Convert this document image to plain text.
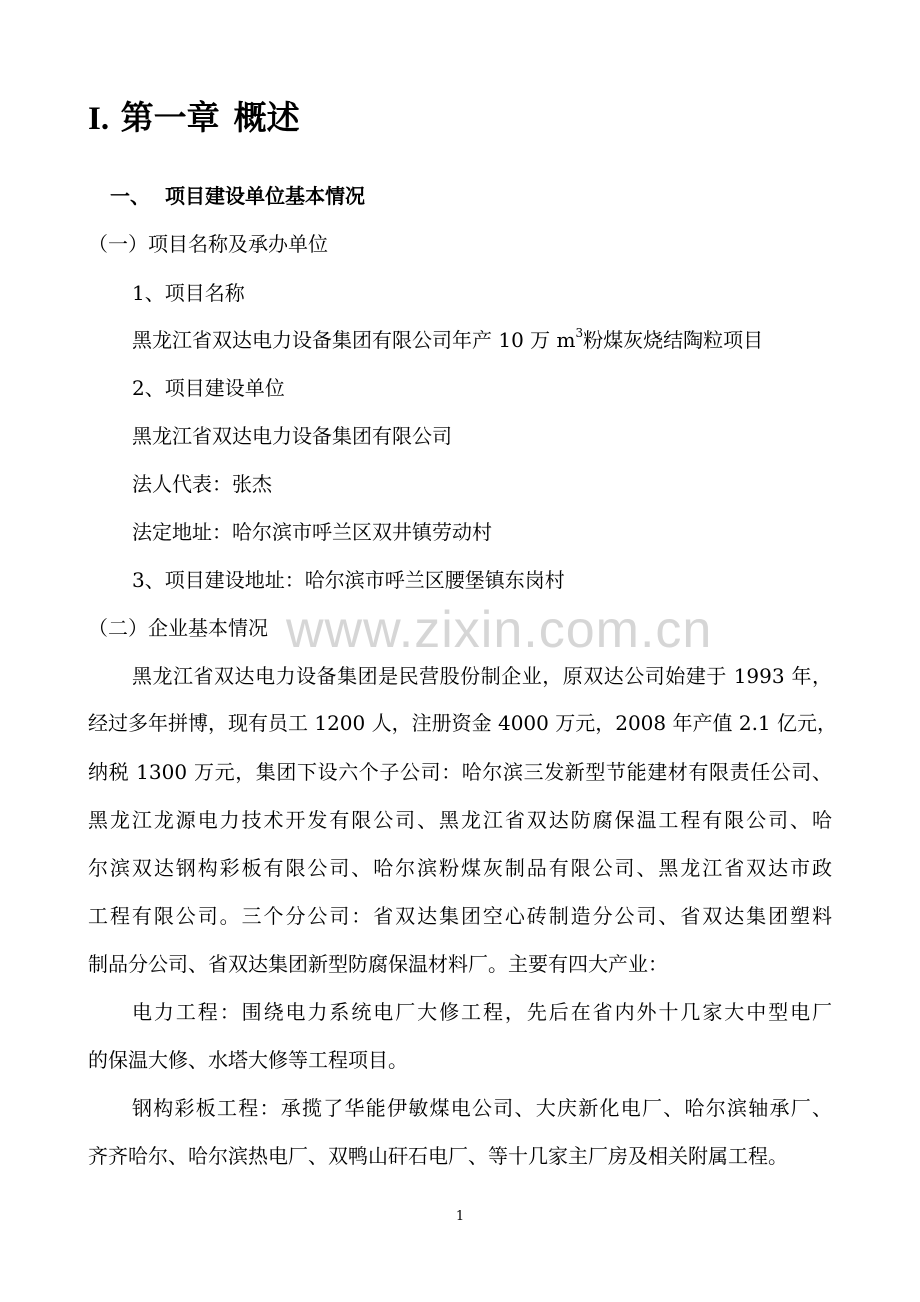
www.zixin.com.cn
I. 第一章 概述
一、 项目建设单位基本情况
（一）项目名称及承办单位
1、项目名称
黑龙江省双达电力设备集团有限公司年产 10 万 $m^3$粉煤灰烧结陶粒项目
2、项目建设单位
黑龙江省双达电力设备集团有限公司
法人代表：张杰
法定地址：哈尔滨市呼兰区双井镇劳动村
3、项目建设地址：哈尔滨市呼兰区腰堡镇东岗村
（二）企业基本情况
黑龙江省双达电力设备集团是民营股份制企业，原双达公司始建于 1993 年，
经过多年拼博，现有员工 1200 人，注册资金 4000 万元，2008 年产值 2.1 亿元，
纳税 1300 万元，集团下设六个子公司：哈尔滨三发新型节能建材有限责任公司、
黑龙江龙源电力技术开发有限公司、黑龙江省双达防腐保温工程有限公司、哈
尔滨双达钢构彩板有限公司、哈尔滨粉煤灰制品有限公司、黑龙江省双达市政
工程有限公司。三个分公司：省双达集团空心砖制造分公司、省双达集团塑料
制品分公司、省双达集团新型防腐保温材料厂。主要有四大产业：
电力工程：围绕电力系统电厂大修工程，先后在省内外十几家大中型电厂
的保温大修、水塔大修等工程项目。
钢构彩板工程：承揽了华能伊敏煤电公司、大庆新化电厂、哈尔滨轴承厂、
齐齐哈尔、哈尔滨热电厂、双鸭山矸石电厂、等十几家主厂房及相关附属工程。
1
